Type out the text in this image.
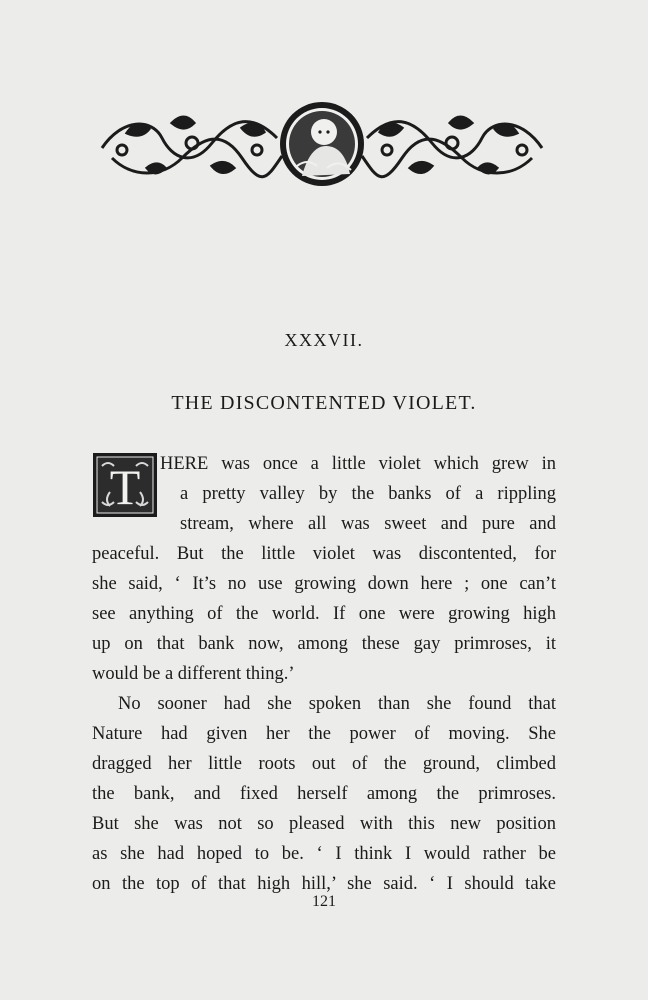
XXXVII.
THE DISCONTENTED VIOLET.
T HERE was once a little violet which grew in
a pretty valley by the banks of a rippling
stream, where all was sweet and pure and
peaceful. But the little violet was discontented, for
she said, ‘ It’s no use growing down here ; one can’t
see anything of the world. If one were growing high
up on that bank now, among these gay primroses, it
would be a different thing.’
No sooner had she spoken than she found that
Nature had given her the power of moving. She
dragged her little roots out of the ground, climbed
the bank, and fixed herself among the primroses.
But she was not so pleased with this new position
as she had hoped to be. ‘ I think I would rather be
on the top of that high hill,’ she said. ‘ I should take
121
